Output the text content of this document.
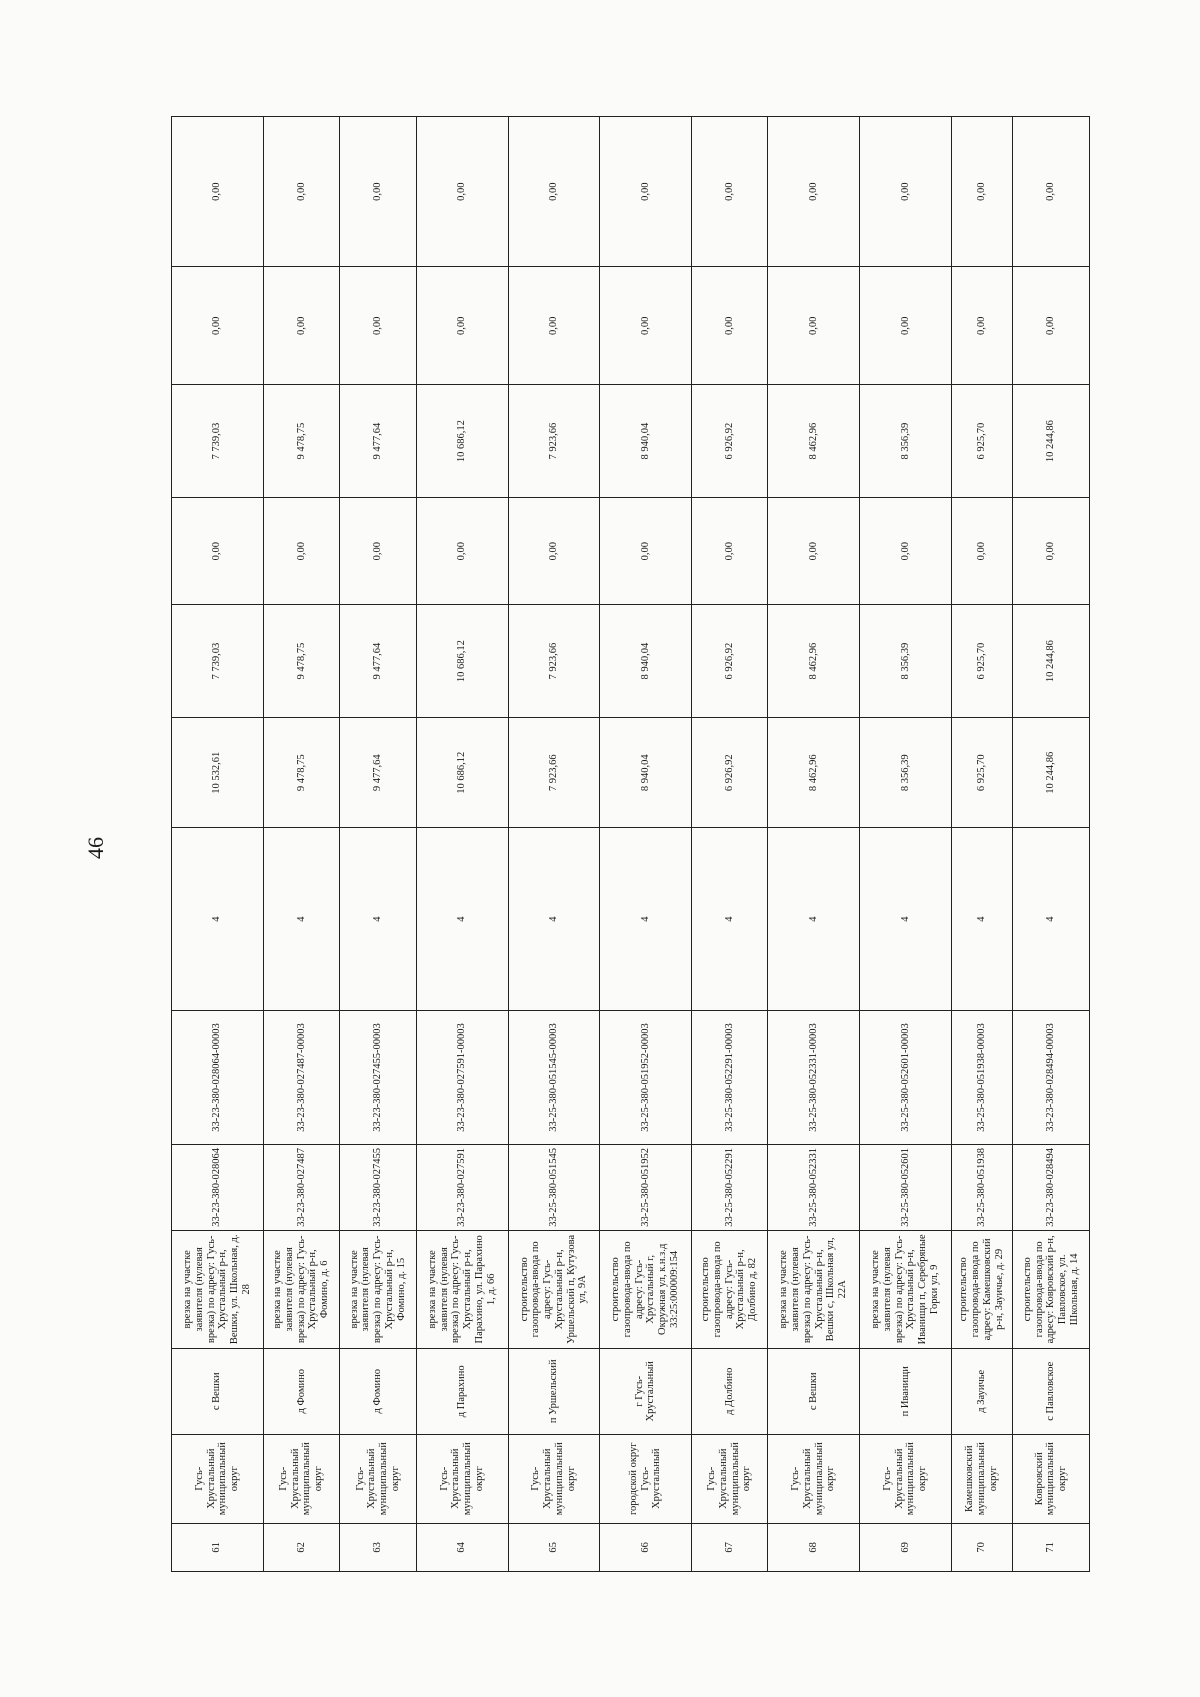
46
61	Гусь-Хрустальный муниципальный округ	с Вешки	врезка на участке заявителя (нулевая врезка) по адресу: Гусь-Хрустальный р-н, Вешки, ул. Школьная, д. 28	33-23-380-028064	33-23-380-028064-00003	4	10 532,61	7 739,03	0,00	7 739,03	0,00	0,00
62	Гусь-Хрустальный муниципальный округ	д Фомино	врезка на участке заявителя (нулевая врезка) по адресу: Гусь-Хрустальный р-н, Фомино, д. 6	33-23-380-027487	33-23-380-027487-00003	4	9 478,75	9 478,75	0,00	9 478,75	0,00	0,00
63	Гусь-Хрустальный муниципальный округ	д Фомино	врезка на участке заявителя (нулевая врезка) по адресу: Гусь-Хрустальный р-н, Фомино, д. 15	33-23-380-027455	33-23-380-027455-00003	4	9 477,64	9 477,64	0,00	9 477,64	0,00	0,00
64	Гусь-Хрустальный муниципальный округ	д Парахино	врезка на участке заявителя (нулевая врезка) по адресу: Гусь-Хрустальный р-н, Парахино, ул. Парахино 1, д. 66	33-23-380-027591	33-23-380-027591-00003	4	10 686,12	10 686,12	0,00	10 686,12	0,00	0,00
65	Гусь-Хрустальный муниципальный округ	п Уршельский	строительство газопровода-ввода по адресу: Гусь-Хрустальный р-н, Уршельский п, Кутузова ул, 9А	33-25-380-051545	33-25-380-051545-00003	4	7 923,66	7 923,66	0,00	7 923,66	0,00	0,00
66	городской округ Гусь-Хрустальный	г Гусь-Хрустальный	строительство газопровода-ввода по адресу: Гусь-Хрустальный г, Окружная ул, к.н.з.д 33:25:000009:154	33-25-380-051952	33-25-380-051952-00003	4	8 940,04	8 940,04	0,00	8 940,04	0,00	0,00
67	Гусь-Хрустальный муниципальный округ	д Долбино	строительство газопровода-ввода по адресу: Гусь-Хрустальный р-н, Долбино д, 82	33-25-380-052291	33-25-380-052291-00003	4	6 926,92	6 926,92	0,00	6 926,92	0,00	0,00
68	Гусь-Хрустальный муниципальный округ	с Вешки	врезка на участке заявителя (нулевая врезка) по адресу: Гусь-Хрустальный р-н, Вешки с, Школьная ул, 22А	33-25-380-052331	33-25-380-052331-00003	4	8 462,96	8 462,96	0,00	8 462,96	0,00	0,00
69	Гусь-Хрустальный муниципальный округ	п Иванищи	врезка на участке заявителя (нулевая врезка) по адресу: Гусь-Хрустальный р-н, Иванищи п, Серебряные Горки ул, 9	33-25-380-052601	33-25-380-052601-00003	4	8 356,39	8 356,39	0,00	8 356,39	0,00	0,00
70	Камешковский муниципальный округ	д Зауичье	строительство газопровода-ввода по адресу: Камешковский р-н, Зауичье, д. 29	33-25-380-051938	33-25-380-051938-00003	4	6 925,70	6 925,70	0,00	6 925,70	0,00	0,00
71	Ковровский муниципальный округ	с Павловское	строительство газопровода-ввода по адресу: Ковровский р-н, Павловское, ул. Школьная, д. 14	33-23-380-028494	33-23-380-028494-00003	4	10 244,86	10 244,86	0,00	10 244,86	0,00	0,00
